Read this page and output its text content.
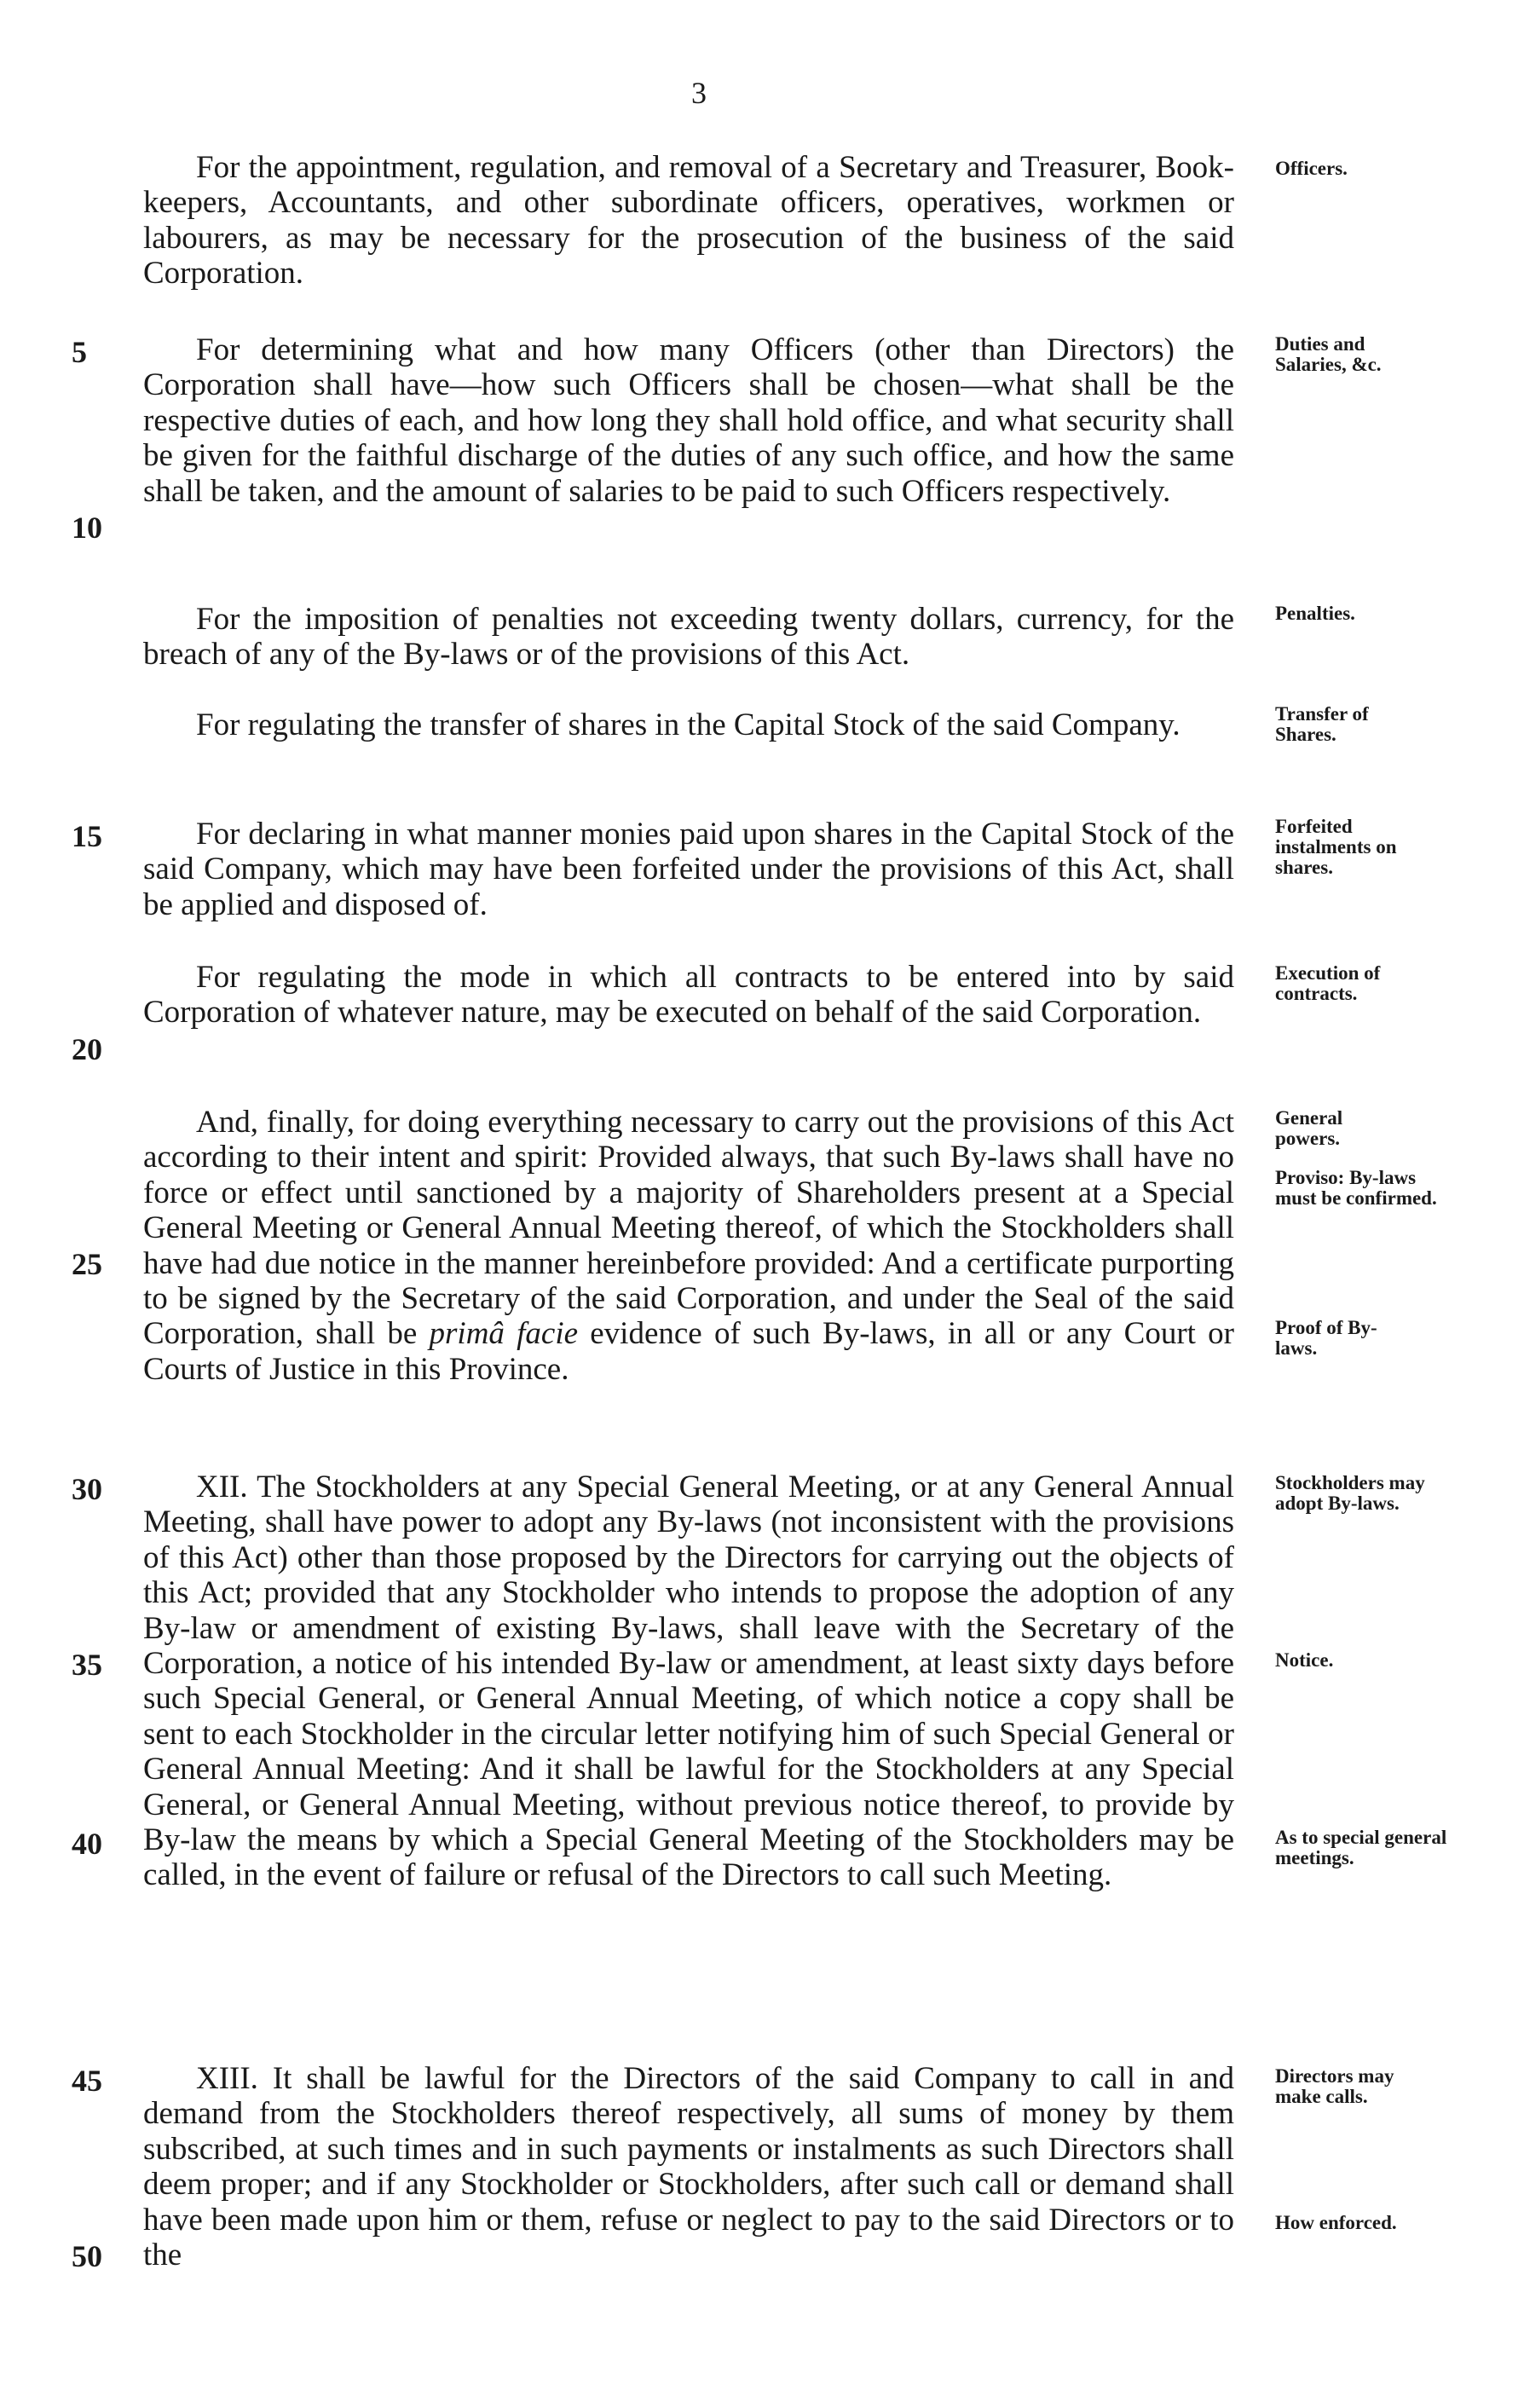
3

For the appointment, regulation, and removal of a Secretary and Treasurer, Book-keepers, Accountants, and other subordinate officers, operatives, workmen or labourers, as may be necessary for the prosecution of the business of the said Corporation.

For determining what and how many Officers (other than Directors) the Corporation shall have—how such Officers shall be chosen—what shall be the respective duties of each, and how long they shall hold office, and what security shall be given for the faithful discharge of the duties of any such office, and how the same shall be taken, and the amount of salaries to be paid to such Officers respectively.

For the imposition of penalties not exceeding twenty dollars, currency, for the breach of any of the By-laws or of the provisions of this Act.

For regulating the transfer of shares in the Capital Stock of the said Company.

For declaring in what manner monies paid upon shares in the Capital Stock of the said Company, which may have been forfeited under the provisions of this Act, shall be applied and disposed of.

For regulating the mode in which all contracts to be entered into by said Corporation of whatever nature, may be executed on behalf of the said Corporation.

And, finally, for doing everything necessary to carry out the provisions of this Act according to their intent and spirit: Provided always, that such By-laws shall have no force or effect until sanctioned by a majority of Shareholders present at a Special General Meeting or General Annual Meeting thereof, of which the Stockholders shall have had due notice in the manner hereinbefore provided: And a certificate purporting to be signed by the Secretary of the said Corporation, and under the Seal of the said Corporation, shall be primâ facie evidence of such By-laws, in all or any Court or Courts of Justice in this Province.

XII. The Stockholders at any Special General Meeting, or at any General Annual Meeting, shall have power to adopt any By-laws (not inconsistent with the provisions of this Act) other than those proposed by the Directors for carrying out the objects of this Act; provided that any Stockholder who intends to propose the adoption of any By-law or amendment of existing By-laws, shall leave with the Secretary of the Corporation, a notice of his intended By-law or amendment, at least sixty days before such Special General, or General Annual Meeting, of which notice a copy shall be sent to each Stockholder in the circular letter notifying him of such Special General or General Annual Meeting: And it shall be lawful for the Stockholders at any Special General, or General Annual Meeting, without previous notice thereof, to provide by By-law the means by which a Special General Meeting of the Stockholders may be called, in the event of failure or refusal of the Directors to call such Meeting.

XIII. It shall be lawful for the Directors of the said Company to call in and demand from the Stockholders thereof respectively, all sums of money by them subscribed, at such times and in such payments or instalments as such Directors shall deem proper; and if any Stockholder or Stockholders, after such call or demand shall have been made upon him or them, refuse or neglect to pay to the said Directors or to the

5
10
15
20
25
30
35
40
45
50
Officers.
Duties and Salaries, &c.
Penalties.
Transfer of Shares.
Forfeited instalments on shares.
Execution of contracts.
General powers.
Proviso: By-laws must be confirmed.
Proof of By-laws.
Stockholders may adopt By-laws.
Notice.
As to special general meetings.
Directors may make calls.
How enforced.
